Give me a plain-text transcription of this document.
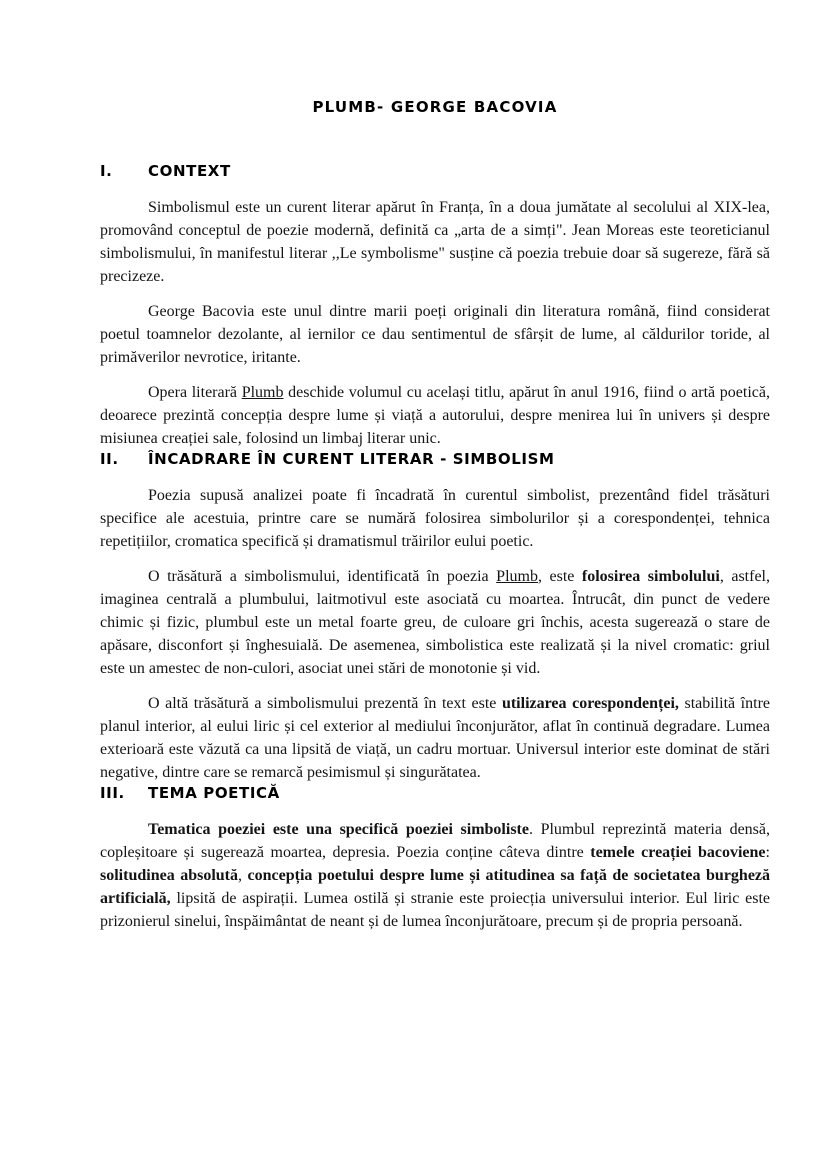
PLUMB- GEORGE BACOVIA
I.	CONTEXT

Simbolismul este un curent literar apărut în Franța, în a doua jumătate al secolului al XIX-lea, promovând conceptul de poezie modernă, definită ca „arta de a simți". Jean Moreas este teoreticianul simbolismului, în manifestul literar ,,Le symbolisme" susține că poezia trebuie doar să sugereze, fără să precizeze.

George Bacovia este unul dintre marii poeți originali din literatura română, fiind considerat poetul toamnelor dezolante, al iernilor ce dau sentimentul de sfârșit de lume, al căldurilor toride, al primăverilor nevrotice, iritante.

Opera literară Plumb deschide volumul cu același titlu, apărut în anul 1916, fiind o artă poetică, deoarece prezintă concepția despre lume și viață a autorului, despre menirea lui în univers și despre misiunea creației sale, folosind un limbaj literar unic.

II.	ÎNCADRARE ÎN CURENT LITERAR - SIMBOLISM

Poezia supusă analizei poate fi încadrată în curentul simbolist, prezentând fidel trăsături specifice ale acestuia, printre care se numără folosirea simbolurilor și a corespondenței, tehnica repetițiilor, cromatica specifică și dramatismul trăirilor eului poetic.

O trăsătură a simbolismului, identificată în poezia Plumb, este folosirea simbolului, astfel, imaginea centrală a plumbului, laitmotivul este asociată cu moartea. Întrucât, din punct de vedere chimic și fizic, plumbul este un metal foarte greu, de culoare gri închis, acesta sugerează o stare de apăsare, disconfort și înghesuială. De asemenea, simbolistica este realizată și la nivel cromatic: griul este un amestec de non-culori, asociat unei stări de monotonie și vid.

O altă trăsătură a simbolismului prezentă în text este utilizarea corespondenței, stabilită între planul interior, al eului liric și cel exterior al mediului înconjurător, aflat în continuă degradare. Lumea exterioară este văzută ca una lipsită de viață, un cadru mortuar. Universul interior este dominat de stări negative, dintre care se remarcă pesimismul și singurătatea.

III.	TEMA POETICĂ

Tematica poeziei este una specifică poeziei simboliste. Plumbul reprezintă materia densă, copleșitoare și sugerează moartea, depresia. Poezia conține câteva dintre temele creației bacoviene: solitudinea absolută, concepția poetului despre lume și atitudinea sa față de societatea burgheză artificială, lipsită de aspirații. Lumea ostilă și stranie este proiecția universului interior. Eul liric este prizonierul sinelui, înspăimântat de neant și de lumea înconjurătoare, precum și de propria persoană.
